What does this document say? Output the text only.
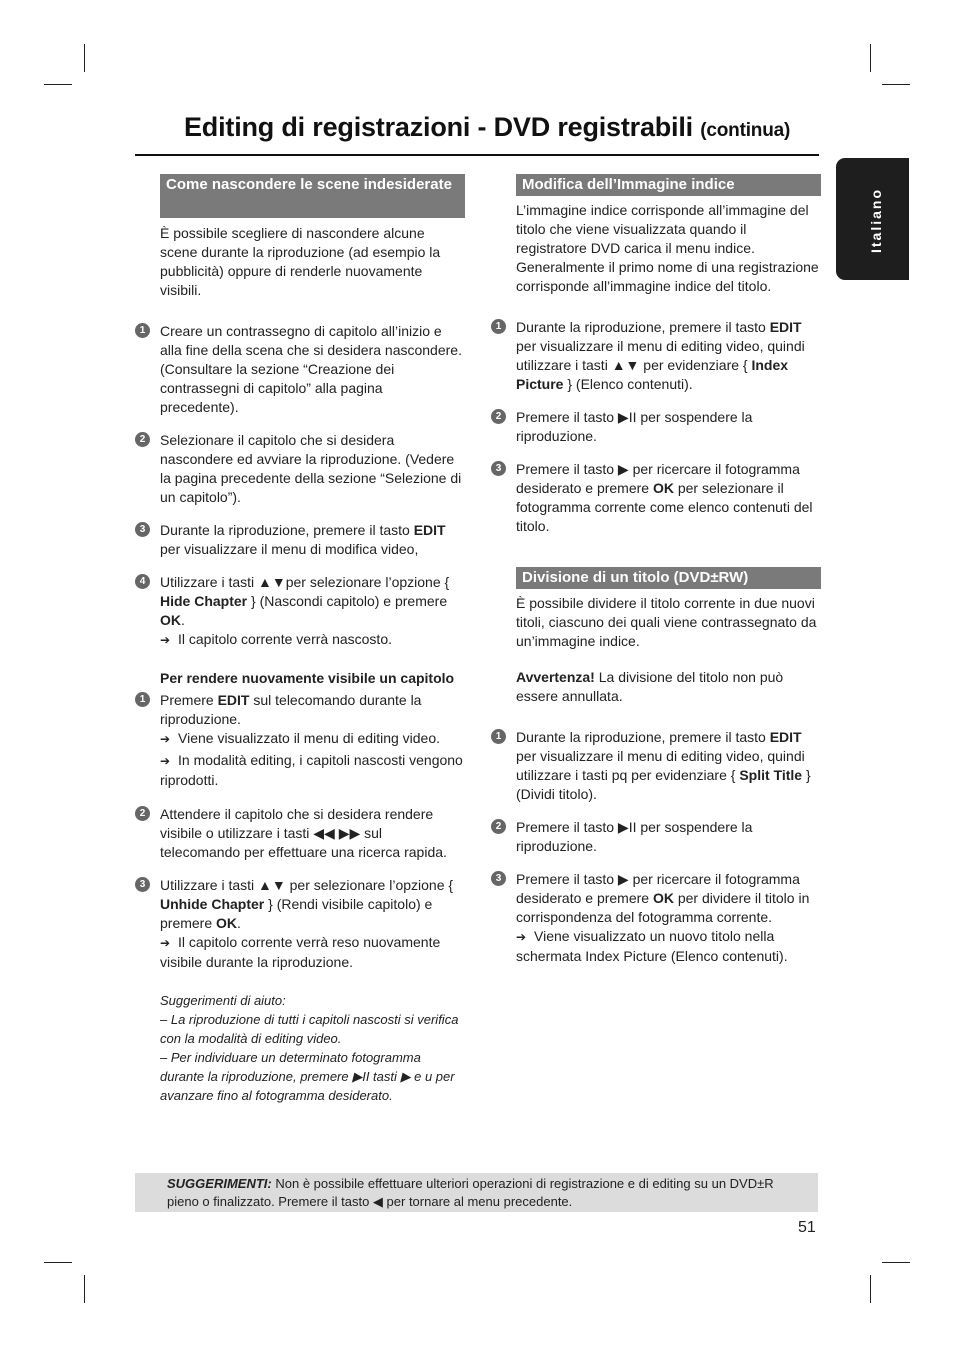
Editing di registrazioni - DVD registrabili (continua)
Italiano
Come nascondere le scene indesiderate
È possibile scegliere di nascondere alcune scene durante la riproduzione (ad esempio la pubblicità) oppure di renderle nuovamente visibili.
1	Creare un contrassegno di capitolo all’inizio e alla fine della scena che si desidera nascondere. (Consultare la sezione “Creazione dei contrassegni di capitolo” alla pagina precedente).
2	Selezionare il capitolo che si desidera nascondere ed avviare la riproduzione. (Vedere la pagina precedente della sezione “Selezione di un capitolo”).
3	Durante la riproduzione, premere il tasto EDIT per visualizzare il menu di modifica video,
4	Utilizzare i tasti ▲▼per selezionare l’opzione { Hide Chapter } (Nascondi capitolo) e premere OK.
➔ Il capitolo corrente verrà nascosto.
Per rendere nuovamente visibile un capitolo
1	Premere EDIT sul telecomando durante la riproduzione.
➔ Viene visualizzato il menu di editing video.
➔ In modalità editing, i capitoli nascosti vengono riprodotti.
2	Attendere il capitolo che si desidera rendere visibile o utilizzare i tasti ◀◀ ▶▶ sul telecomando per effettuare una ricerca rapida.
3	Utilizzare i tasti ▲▼ per selezionare l’opzione { Unhide Chapter } (Rendi visibile capitolo) e premere OK.
➔ Il capitolo corrente verrà reso nuovamente visibile durante la riproduzione.
Suggerimenti di aiuto:
– La riproduzione di tutti i capitoli nascosti si verifica con la modalità di editing video.
– Per individuare un determinato fotogramma durante la riproduzione, premere ▶II tasti ▶ e u per avanzare fino al fotogramma desiderato.
Modifica dell’Immagine indice
L’immagine indice corrisponde all’immagine del titolo che viene visualizzata quando il registratore DVD carica il menu indice. Generalmente il primo nome di una registrazione corrisponde all’immagine indice del titolo.
1	Durante la riproduzione, premere il tasto EDIT per visualizzare il menu di editing video, quindi utilizzare i tasti ▲▼ per evidenziare { Index Picture } (Elenco contenuti).
2	Premere il tasto ▶II per sospendere la riproduzione.
3	Premere il tasto ▶ per ricercare il fotogramma desiderato e premere OK per selezionare il fotogramma corrente come elenco contenuti del titolo.
Divisione di un titolo (DVD±RW)
È possibile dividere il titolo corrente in due nuovi titoli, ciascuno dei quali viene contrassegnato da un’immagine indice.
Avvertenza! La divisione del titolo non può essere annullata.
1	Durante la riproduzione, premere il tasto EDIT per visualizzare il menu di editing video, quindi utilizzare i tasti pq per evidenziare { Split Title } (Dividi titolo).
2	Premere il tasto ▶II per sospendere la riproduzione.
3	Premere il tasto ▶ per ricercare il fotogramma desiderato e premere OK per dividere il titolo in corrispondenza del fotogramma corrente.
➔ Viene visualizzato un nuovo titolo nella schermata Index Picture (Elenco contenuti).
SUGGERIMENTI: Non è possibile effettuare ulteriori operazioni di registrazione e di editing su un DVD±R pieno o finalizzato. Premere il tasto ◀ per tornare al menu precedente.
51
